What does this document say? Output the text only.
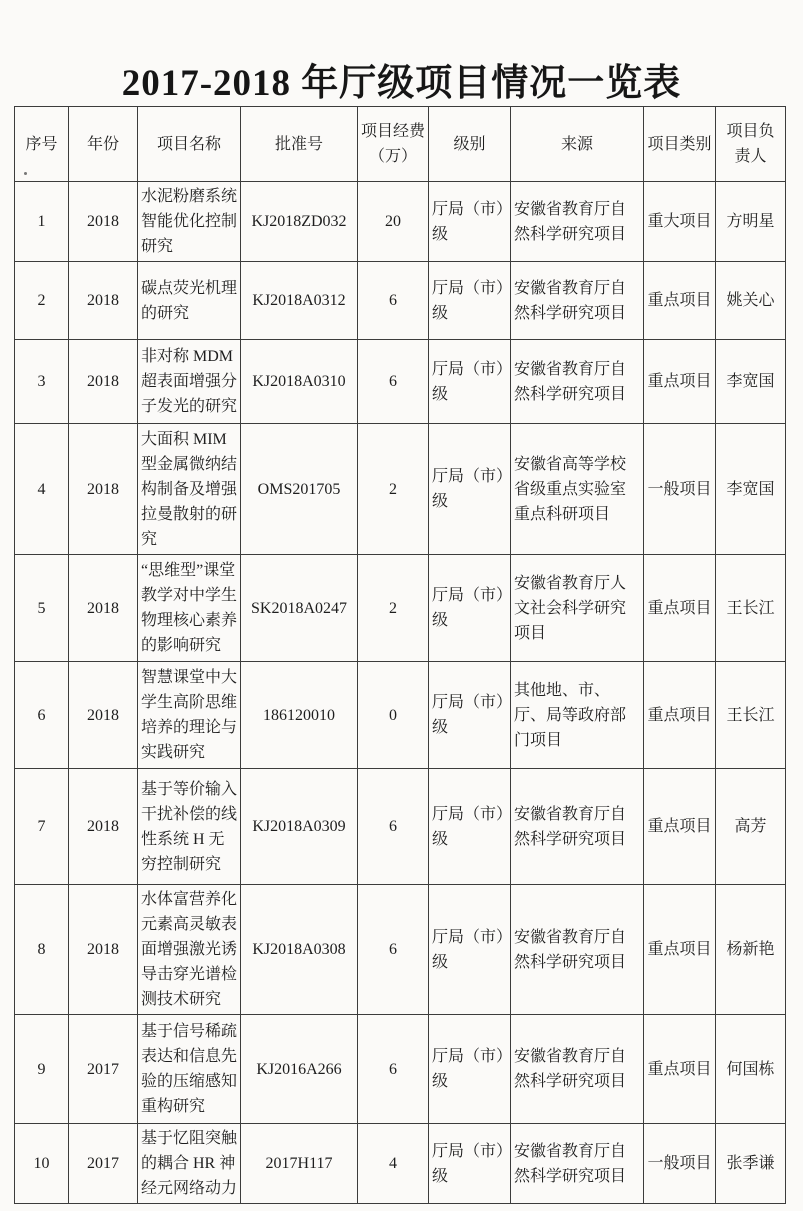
2017-2018 年厅级项目情况一览表
序号	年份	项目名称	批准号	项目经费（万）	级别	来源	项目类别	项目负责人
1	2018	水泥粉磨系统智能优化控制研究	KJ2018ZD032	20	厅局（市）级	安徽省教育厅自然科学研究项目	重大项目	方明星
2	2018	碳点荧光机理的研究	KJ2018A0312	6	厅局（市）级	安徽省教育厅自然科学研究项目	重点项目	姚关心
3	2018	非对称 MDM 超表面增强分子发光的研究	KJ2018A0310	6	厅局（市）级	安徽省教育厅自然科学研究项目	重点项目	李宽国
4	2018	大面积 MIM 型金属微纳结构制备及增强拉曼散射的研究	OMS201705	2	厅局（市）级	安徽省高等学校省级重点实验室重点科研项目	一般项目	李宽国
5	2018	“思维型”课堂教学对中学生物理核心素养的影响研究	SK2018A0247	2	厅局（市）级	安徽省教育厅人文社会科学研究项目	重点项目	王长江
6	2018	智慧课堂中大学生高阶思维培养的理论与实践研究	186120010	0	厅局（市）级	其他地、市、厅、局等政府部门项目	重点项目	王长江
7	2018	基于等价输入干扰补偿的线性系统 H 无穷控制研究	KJ2018A0309	6	厅局（市）级	安徽省教育厅自然科学研究项目	重点项目	高芳
8	2018	水体富营养化元素高灵敏表面增强激光诱导击穿光谱检测技术研究	KJ2018A0308	6	厅局（市）级	安徽省教育厅自然科学研究项目	重点项目	杨新艳
9	2017	基于信号稀疏表达和信息先验的压缩感知重构研究	KJ2016A266	6	厅局（市）级	安徽省教育厅自然科学研究项目	重点项目	何国栋
10	2017	基于忆阻突触的耦合 HR 神经元网络动力	2017H117	4	厅局（市）级	安徽省教育厅自然科学研究项目	一般项目	张季谦
